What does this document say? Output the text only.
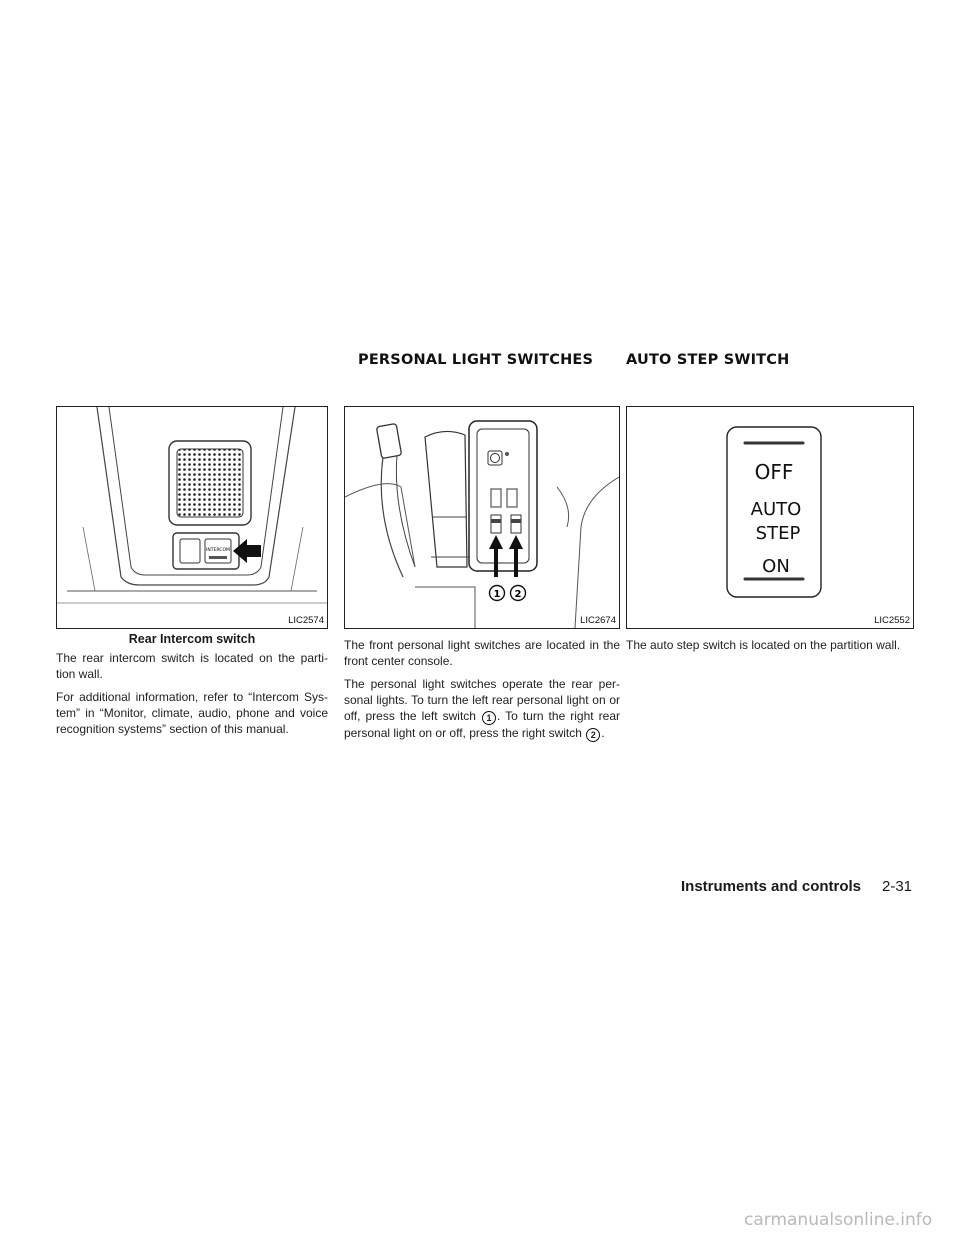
PERSONAL LIGHT SWITCHES AUTO STEP SWITCH
INTERCOM
LIC2574
Rear Intercom switch
1 2
LIC2674
OFF
AUTO
STEP
ON
LIC2552

The rear intercom switch is located on the parti- tion wall.

For additional information, refer to “Intercom Sys- tem” in “Monitor, climate, audio, phone and voice recognition systems” section of this manual.

The front personal light switches are located in the front center console.

The personal light switches operate the rear per- sonal lights. To turn the left rear personal light on or off, press the left switch 1 . To turn the right rear personal light on or off, press the right switch 2 .

The auto step switch is located on the partition wall.

Instruments and controls 2-31
carmanualsonline.info
